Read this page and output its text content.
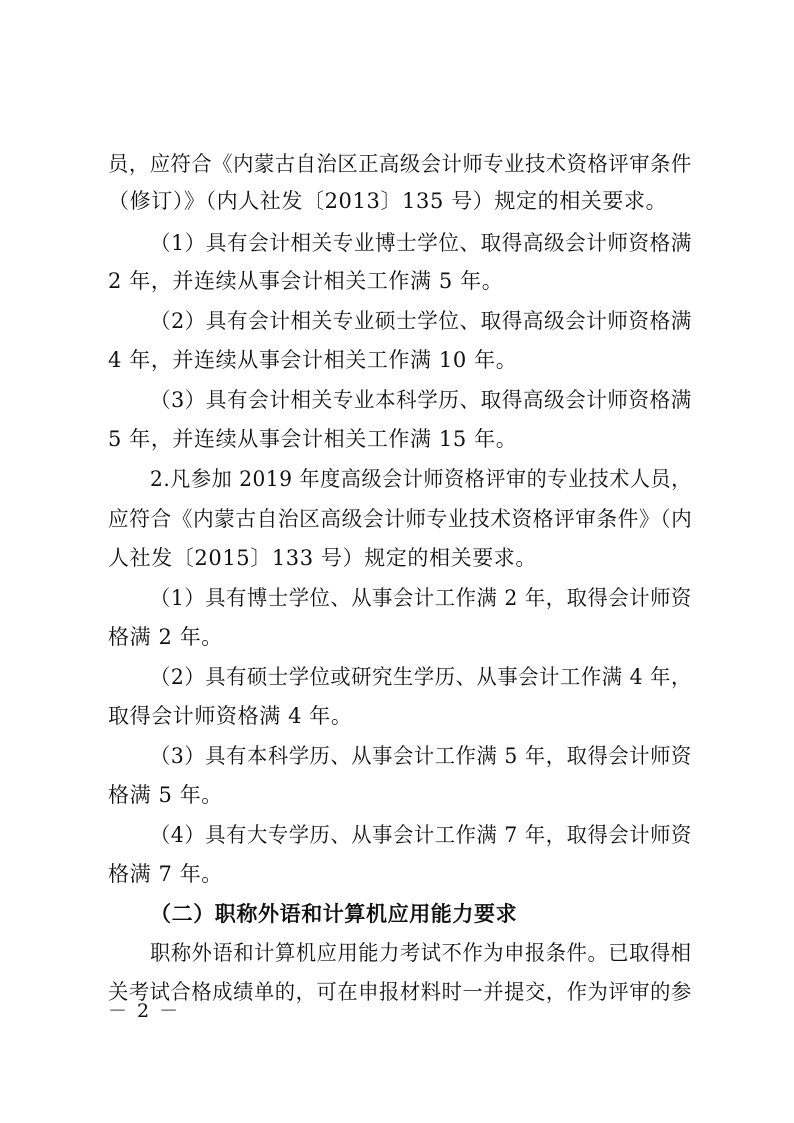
员，应符合《内蒙古自治区正高级会计师专业技术资格评审条件
（修订）》（内人社发〔2013〕135 号）规定的相关要求。
（1）具有会计相关专业博士学位、取得高级会计师资格满
2 年，并连续从事会计相关工作满 5 年。
（2）具有会计相关专业硕士学位、取得高级会计师资格满
4 年，并连续从事会计相关工作满 10 年。
（3）具有会计相关专业本科学历、取得高级会计师资格满
5 年，并连续从事会计相关工作满 15 年。
2.凡参加 2019 年度高级会计师资格评审的专业技术人员，
应符合《内蒙古自治区高级会计师专业技术资格评审条件》（内
人社发〔2015〕133 号）规定的相关要求。
（1）具有博士学位、从事会计工作满 2 年，取得会计师资
格满 2 年。
（2）具有硕士学位或研究生学历、从事会计工作满 4 年，
取得会计师资格满 4 年。
（3）具有本科学历、从事会计工作满 5 年，取得会计师资
格满 5 年。
（4）具有大专学历、从事会计工作满 7 年，取得会计师资
格满 7 年。
（二）职称外语和计算机应用能力要求
职称外语和计算机应用能力考试不作为申报条件。已取得相
关考试合格成绩单的，可在申报材料时一并提交，作为评审的参
－ 2 －
